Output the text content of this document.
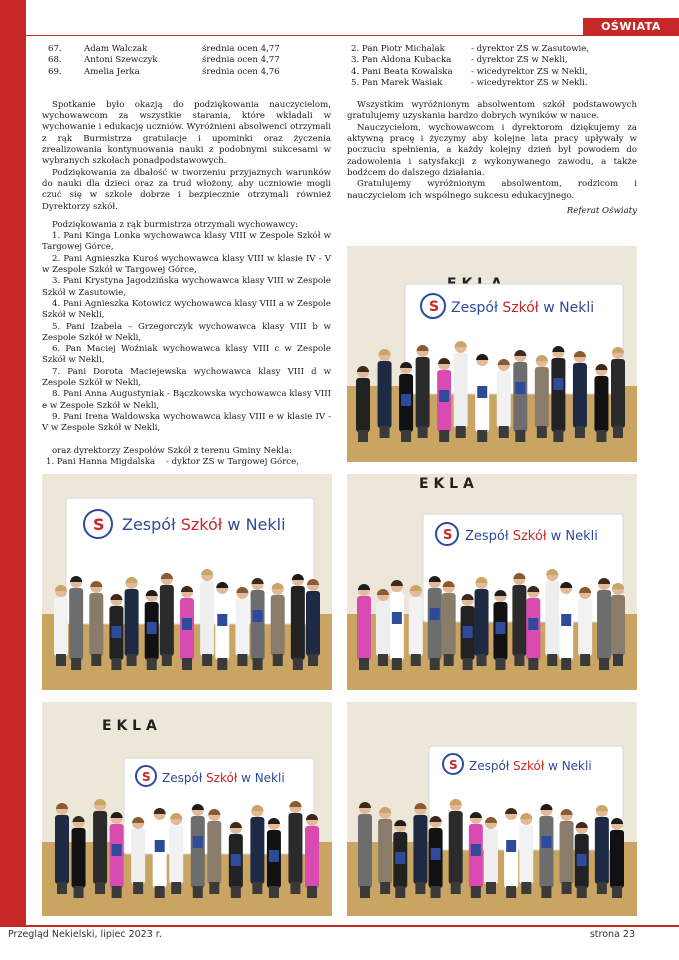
OŚWIATA
67.	Adam Walczak	średnia ocen 4,77
68.	Antoni Szewczyk	średnia ocen 4,77
69.	Amelia Jerka	średnia ocen 4,76

Spotkanie było okazją do podziękowania nauczycielom, wychowawcom za wszystkie starania, które wkładali w wychowanie i edukację uczniów. Wyróżnieni absolwenci otrzymali z rąk Burmistrza gratulacje i upominki oraz życzenia zrealizowania kontynuowania nauki z podobnymi sukcesami w wybranych szkołach ponadpodstawowych.

Podziękowania za dbałość w tworzeniu przyjaznych warunków do nauki dla dzieci oraz za trud włożony, aby uczniowie mogli czuć się w szkole dobrze i bezpiecznie otrzymali również Dyrektorzy szkół.

Podziękowania z rąk burmistrza otrzymali wychowawcy:

1. Pani Kinga Lonka wychowawca klasy VIII w Zespole Szkół w Targowej Górce,

2. Pani Agnieszka Kuroś wychowawca klasy VIII w klasie IV - V w Zespole Szkół w Targowej Górce,

3. Pani Krystyna Jagodzińska wychowawca klasy VIII w Zespole Szkół w Zasutowie,

4. Pani Agnieszka Kotowicz wychowawca klasy VIII a w Zespole Szkół w Nekli,

5. Pani Izabela – Grzegorczyk wychowawca klasy VIII b w Zespole Szkół w Nekli,

6. Pan Maciej Woźniak wychowawca klasy VIII c w Zespole Szkół w Nekli,

7. Pani Dorota Maciejewska wychowawca klasy VIII d w Zespole Szkół w Nekli,

8. Pani Anna Augustyniak - Bączkowska wychowawca klasy VIII e w Zespole Szkół w Nekli,

9. Pani Irena Waldowska wychowawca klasy VIII e w klasie IV - V w Zespole Szkół w Nekli,

oraz dyrektorzy Zespołów Szkół z terenu Gminy Nekla:

1. Pani Hanna Migdalska	- dyktor ZS w Targowej Górce,
2. Pan Piotr Michalak	- dyrektor ZS w Zasutowie,
3. Pan Aldona Kubacka	- dyrektor ZS w Nekli,
4. Pani Beata Kowalska	- wicedyrektor ZS w Nekli,
5. Pan Marek Wasiak	- wicedyrektor ZS w Nekli.

Wszystkim wyróżnionym absolwentom szkół podstawowych gratulujemy uzyskania bardzo dobrych wyników w nauce.

Nauczycielom, wychowawcom i dyrektorom dziękujemy za aktywną pracę i życzymy aby kolejne lata pracy upływały w poczuciu spełnienia, a każdy kolejny dzień był powodem do zadowolenia i satysfakcji z wykonywanego zawodu, a także bodźcem do dalszego działania.

Gratulujemy wyróżnionym absolwentom, rodzicom i nauczycielom ich wspólnego sukcesu edukacyjnego.

Referat Oświaty

S Zespół Szkół w Nekli
S Zespół Szkół w Nekli
E K L A
S Zespół Szkół w Nekli
E K L A
S Zespół Szkół w Nekli
S Zespół Szkół w Nekli
Przegląd Nekielski, lipiec 2023 r.	strona 23
